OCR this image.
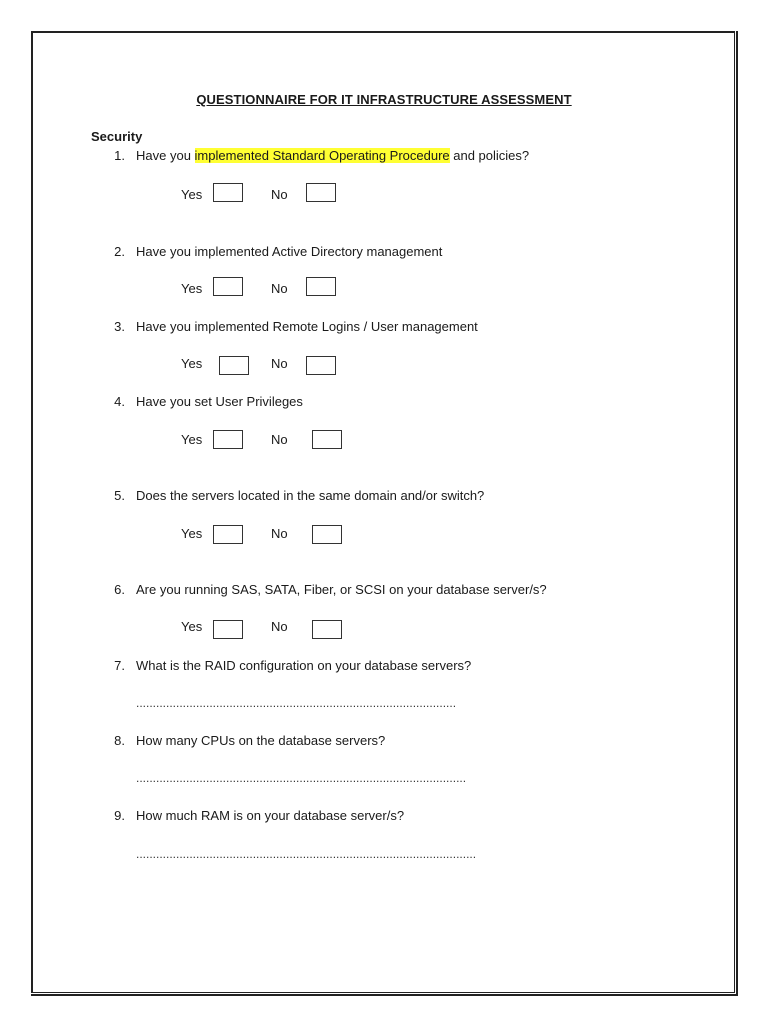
QUESTIONNAIRE FOR IT INFRASTRUCTURE ASSESSMENT
Security
1. Have you implemented Standard Operating Procedure and policies?
Yes	No
2. Have you implemented Active Directory management
Yes	No
3. Have you implemented Remote Logins / User management
Yes	No
4. Have you set User Privileges
Yes	No
5. Does the servers located in the same domain and/or switch?
Yes	No
6. Are you running SAS, SATA, Fiber, or SCSI on your database server/s?
Yes	No
7. What is the RAID configuration on your database servers?
................................................................................................
8. How many CPUs on the database servers?
...................................................................................................
9. How much RAM is on your database server/s?
......................................................................................................
